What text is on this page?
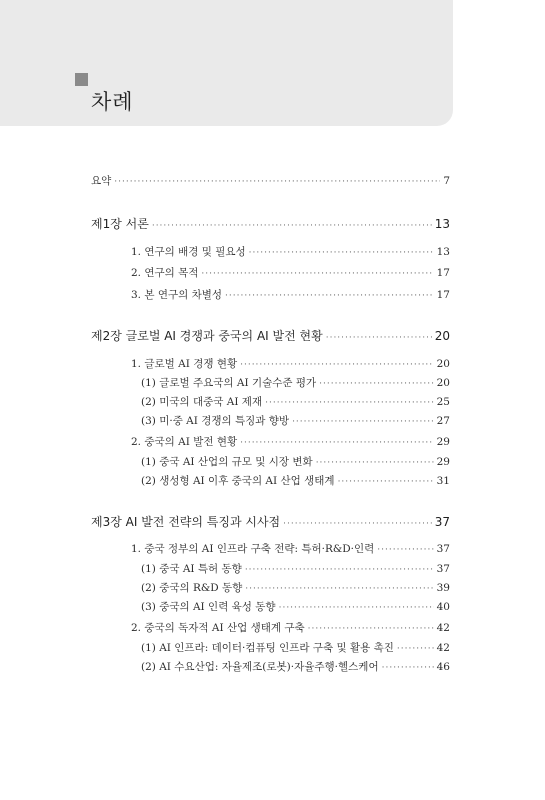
차례
요약 ·····	7
제1장 서론 ·····	13
1. 연구의 배경 및 필요성 ·····	13
2. 연구의 목적 ·····	17
3. 본 연구의 차별성 ·····	17
제2장 글로벌 AI 경쟁과 중국의 AI 발전 현황 ·····	20
1. 글로벌 AI 경쟁 현황 ·····	20
(1) 글로벌 주요국의 AI 기술수준 평가 ·····	20
(2) 미국의 대중국 AI 제재 ·····	25
(3) 미·중 AI 경쟁의 특징과 향방 ·····	27
2. 중국의 AI 발전 현황 ·····	29
(1) 중국 AI 산업의 규모 및 시장 변화 ·····	29
(2) 생성형 AI 이후 중국의 AI 산업 생태계 ·····	31
제3장 AI 발전 전략의 특징과 시사점 ·····	37
1. 중국 정부의 AI 인프라 구축 전략: 특허·R&D·인력 ·····	37
(1) 중국 AI 특허 동향 ·····	37
(2) 중국의 R&D 동향 ·····	39
(3) 중국의 AI 인력 육성 동향 ·····	40
2. 중국의 독자적 AI 산업 생태계 구축 ·····	42
(1) AI 인프라: 데이터·컴퓨팅 인프라 구축 및 활용 촉진 ·····	42
(2) AI 수요산업: 자율제조(로봇)·자율주행·헬스케어 ·····	46
